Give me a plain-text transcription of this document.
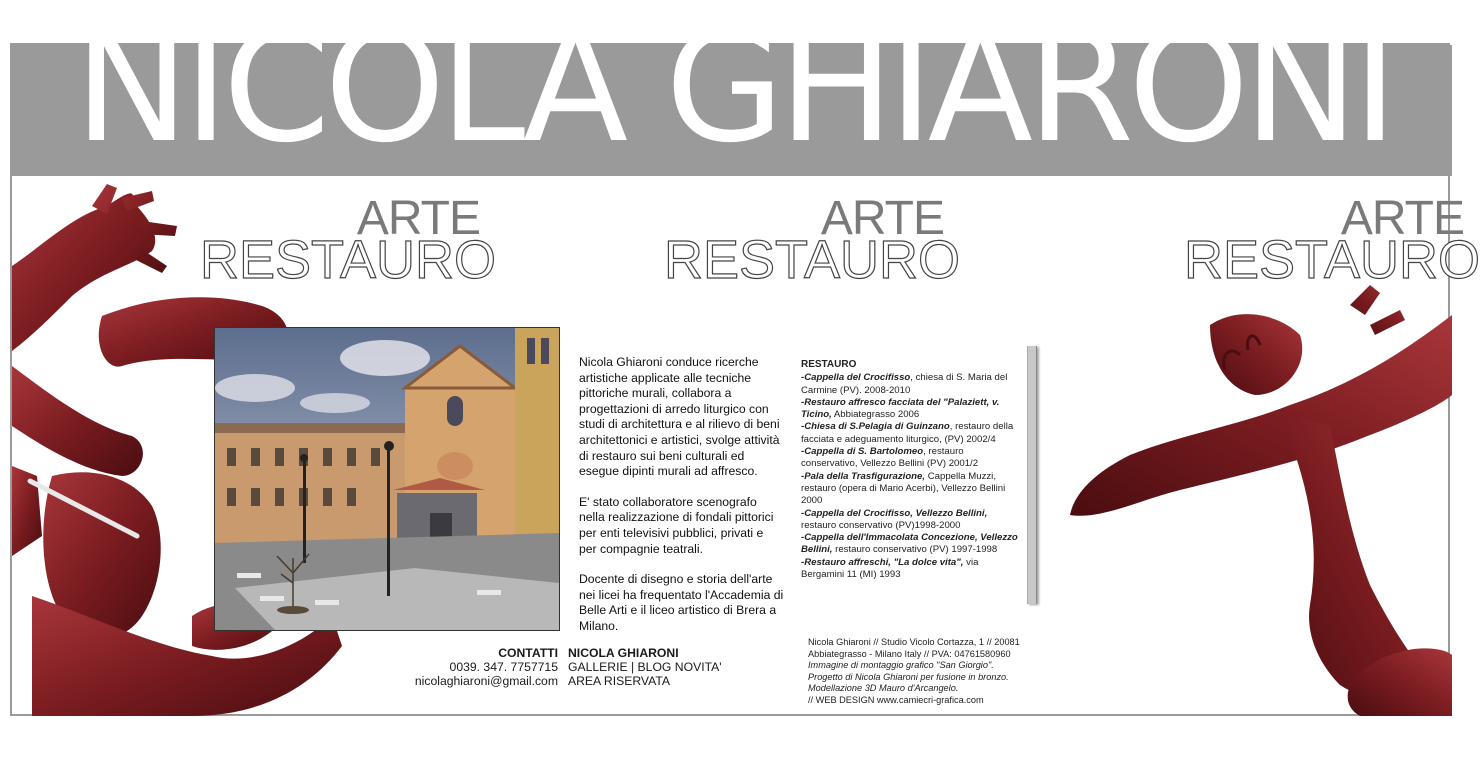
NICOLA GHIARONI
ARTE
RESTAURO
ARTE
RESTAURO
ARTE
RESTAURO

Nicola Ghiaroni conduce ricerche artistiche applicate alle tecniche pittoriche murali, collabora a progettazioni di arredo liturgico con studi di architettura e al rilievo di beni architettonici e artistici, svolge attività di restauro sui beni culturali ed esegue dipinti murali ad affresco.

E' stato collaboratore scenografo nella realizzazione di fondali pittorici per enti televisivi pubblici, privati e per compagnie teatrali.

Docente di disegno e storia dell'arte nei licei ha frequentato l'Accademia di Belle Arti e il liceo artistico di Brera a Milano.

RESTAURO
-Cappella del Crocifisso, chiesa di S. Maria del Carmine (PV). 2008-2010
-Restauro affresco facciata del "Palaziett, v. Ticino, Abbiategrasso 2006
-Chiesa di S.Pelagia di Guinzano, restauro della facciata e adeguamento liturgico, (PV) 2002/4
-Cappella di S. Bartolomeo, restauro conservativo, Vellezzo Bellini (PV) 2001/2
-Pala della Trasfigurazione, Cappella Muzzi, restauro (opera di Mario Acerbi), Vellezzo Bellini 2000
-Cappella del Crocifisso, Vellezzo Bellini, restauro conservativo (PV)1998-2000
-Cappella dell'Immacolata Concezione, Vellezzo Bellini, restauro conservativo (PV) 1997-1998
-Restauro affreschi, "La dolce vita", via Bergamini 11 (MI) 1993
CONTATTI
0039. 347. 7757715
nicolaghiaroni@gmail.com
NICOLA GHIARONI
GALLERIE | BLOG NOVITA'
AREA RISERVATA
Nicola Ghiaroni // Studio Vicolo Cortazza, 1 // 20081
Abbiategrasso - Milano Italy // PVA: 04761580960
Immagine di montaggio grafico "San Giorgio".
Progetto di Nicola Ghiaroni per fusione in bronzo.
Modellazione 3D Mauro d'Arcangelo.
// WEB DESIGN www.camiecri-grafica.com
